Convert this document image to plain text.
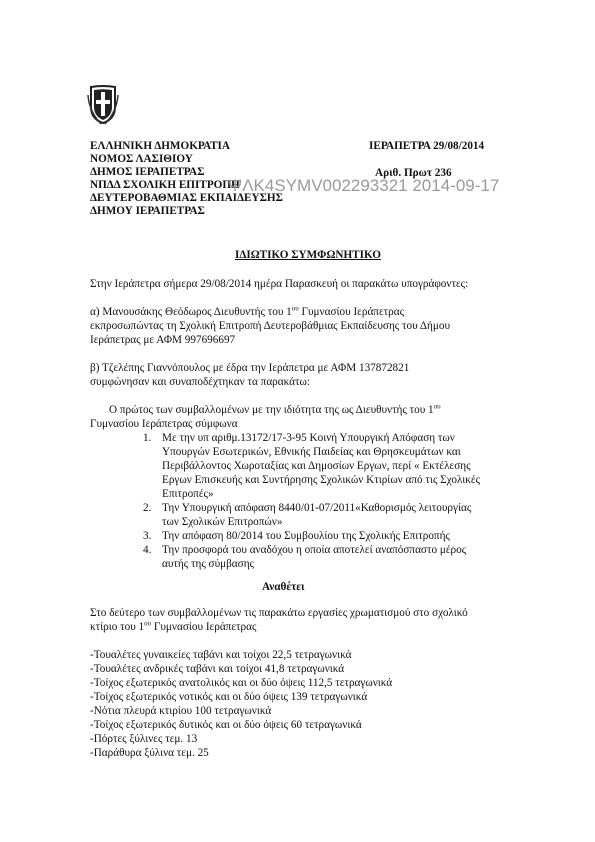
ΕΛΛΗΝΙΚΗ ΔΗΜΟΚΡΑΤΙΑ
ΝΟΜΟΣ ΛΑΣΙΘΙΟΥ
ΔΗΜΟΣ ΙΕΡΑΠΕΤΡΑΣ
ΝΠΔΔ ΣΧΟΛΙΚΗ ΕΠΙΤΡΟΠΗ
ΔΕΥΤΕΡΟΒΑΘΜΙΑΣ ΕΚΠΑΙΔΕΥΣΗΣ
ΔΗΜΟΥ ΙΕΡΑΠΕΤΡΑΣ
ΙΕΡΑΠΕΤΡΑ 29/08/2014
Αριθ. Πρωτ 236
ΨΛΚ4SYMV002293321 2014-09-17
ΙΔΙΩΤΙΚΟ ΣΥΜΦΩΝΗΤΙΚΟ
Στην Ιεράπετρα σήμερα 29/08/2014 ημέρα Παρασκευή οι παρακάτω υπογράφοντες:
α) Μανουσάκης Θεόδωρος Διευθυντής του $1^{o\upsilon}$ Γυμνασίου Ιεράπετρας
εκπροσωπώντας τη Σχολική Επιτροπή Δευτεροβάθμιας Εκπαίδευσης του Δήμου
Ιεράπετρας με ΑΦΜ 997696697
β) Τζελέπης Γιαννόπουλος με έδρα την Ιεράπετρα με ΑΦΜ 137872821
συμφώνησαν και συναποδέχτηκαν τα παρακάτω:
Ο πρώτος των συμβαλλομένων με την ιδιότητα της ως Διευθυντής του $1^{o\upsilon}$
Γυμνασίου Ιεράπετρας σύμφωνα
1. Με την υπ αριθμ.13172/17-3-95 Κοινή Υπουργική Απόφαση των
Υπουργών Εσωτερικών, Εθνικής Παιδείας και Θρησκευμάτων και
Περιβάλλοντος Χωροταξίας και Δημοσίων Εργων, περί « Εκτέλεσης
Εργων Επισκευής και Συντήρησης Σχολικών Κτιρίων από τις Σχολικές
Επιτροπές»
2. Την Υπουργική απόφαση 8440/01-07/2011«Καθορισμός λειτουργίας
των Σχολικών Επιτροπών»
3. Την απόφαση 80/2014 του Συμβουλίου της Σχολικής Επιτροπής
4. Την προσφορά του αναδόχου η οποία αποτελεί αναπόσπαστο μέρος
αυτής της σύμβασης
Αναθέτει
Στο δεύτερο των συμβαλλομένων τις παρακάτω εργασίες χρωματισμού στο σχολικό
κτίριο του $1^{o\upsilon}$ Γυμνασίου Ιεράπετρας
-Τουαλέτες γυναικείες ταβάνι και τοίχοι 22,5 τετραγωνικά
-Τουαλέτες ανδρικές ταβάνι και τοίχοι 41,8 τετραγωνικά
-Τοίχος εξωτερικός ανατολικός και οι δύο όψεις 112,5 τετραγωνικά
-Τοίχος εξωτερικός νοτικός και οι δύο όψεις 139 τετραγωνικά
-Νότια πλευρά κτιρίου 100 τετραγωνικά
-Τοίχος εξωτερικός δυτικός και οι δύο όψεις 60 τετραγωνικά
-Πόρτες ξύλινες τεμ. 13
-Παράθυρα ξύλινα τεμ. 25
